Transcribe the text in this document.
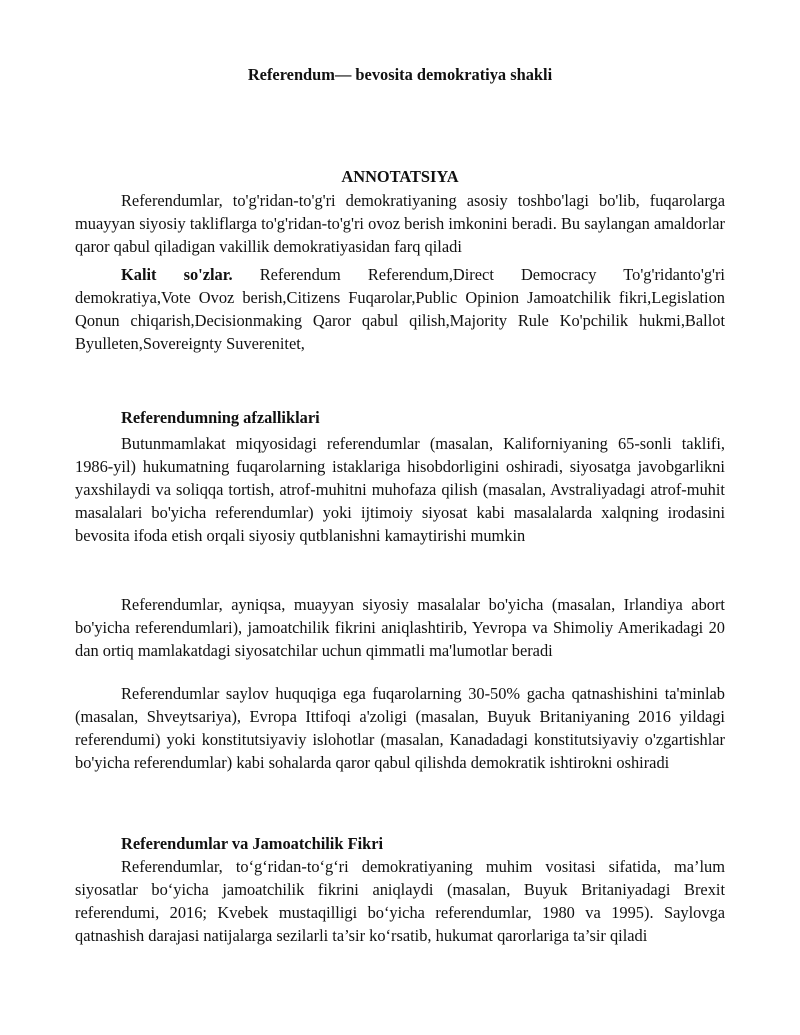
Referendum— bevosita demokratiya shakli
ANNOTATSIYA
Referendumlar, to'g'ridan-to'g'ri demokratiyaning asosiy toshbo'lagi bo'lib, fuqarolarga muayyan siyosiy takliflarga to'g'ridan-to'g'ri ovoz berish imkonini beradi. Bu saylangan amaldorlar qaror qabul qiladigan vakillik demokratiyasidan farq qiladi
Kalit so'zlar. Referendum Referendum,Direct Democracy To'g'ridanto'g'ri demokratiya,Vote Ovoz berish,Citizens Fuqarolar,Public Opinion Jamoatchilik fikri,Legislation Qonun chiqarish,Decisionmaking Qaror qabul qilish,Majority Rule Ko'pchilik hukmi,Ballot Byulleten,Sovereignty Suverenitet,
Referendumning afzalliklari
Butunmamlakat miqyosidagi referendumlar (masalan, Kaliforniyaning 65-sonli taklifi, 1986-yil) hukumatning fuqarolarning istaklariga hisobdorligini oshiradi, siyosatga javobgarlikni yaxshilaydi va soliqqa tortish, atrof-muhitni muhofaza qilish (masalan, Avstraliyadagi atrof-muhit masalalari bo'yicha referendumlar) yoki ijtimoiy siyosat kabi masalalarda xalqning irodasini bevosita ifoda etish orqali siyosiy qutblanishni kamaytirishi mumkin
Referendumlar, ayniqsa, muayyan siyosiy masalalar bo'yicha (masalan, Irlandiya abort bo'yicha referendumlari), jamoatchilik fikrini aniqlashtirib, Yevropa va Shimoliy Amerikadagi 20 dan ortiq mamlakatdagi siyosatchilar uchun qimmatli ma'lumotlar beradi
Referendumlar saylov huquqiga ega fuqarolarning 30-50% gacha qatnashishini ta'minlab (masalan, Shveytsariya), Evropa Ittifoqi a'zoligi (masalan, Buyuk Britaniyaning 2016 yildagi referendumi) yoki konstitutsiyaviy islohotlar (masalan, Kanadadagi konstitutsiyaviy o'zgartishlar bo'yicha referendumlar) kabi sohalarda qaror qabul qilishda demokratik ishtirokni oshiradi
Referendumlar va Jamoatchilik Fikri
Referendumlar, to‘g‘ridan-to‘g‘ri demokratiyaning muhim vositasi sifatida, ma’lum siyosatlar bo‘yicha jamoatchilik fikrini aniqlaydi (masalan, Buyuk Britaniyadagi Brexit referendumi, 2016; Kvebek mustaqilligi bo‘yicha referendumlar, 1980 va 1995). Saylovga qatnashish darajasi natijalarga sezilarli ta’sir ko‘rsatib, hukumat qarorlariga ta’sir qiladi
